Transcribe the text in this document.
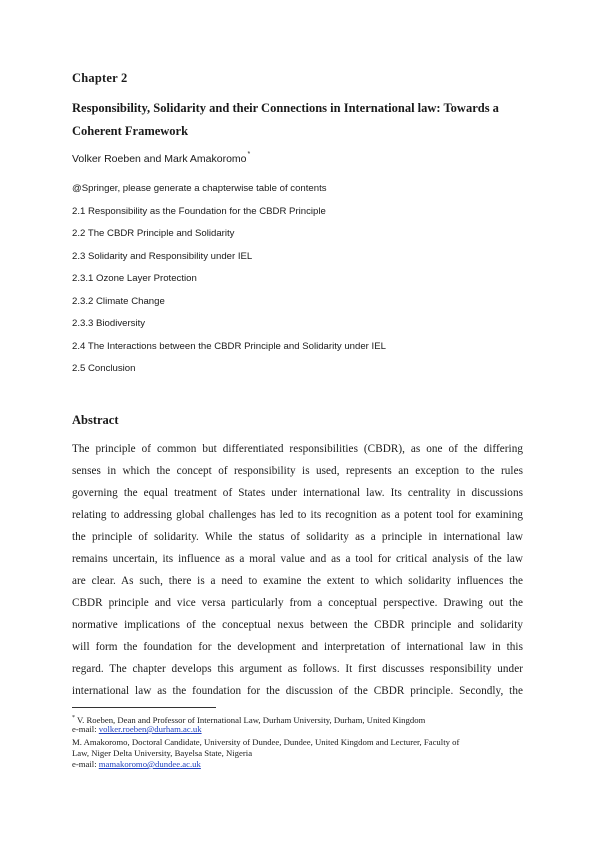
Chapter 2
Responsibility, Solidarity and their Connections in International law: Towards a
Coherent Framework
Volker Roeben and Mark Amakoromo*
@Springer, please generate a chapterwise table of contents
2.1 Responsibility as the Foundation for the CBDR Principle
2.2 The CBDR Principle and Solidarity
2.3 Solidarity and Responsibility under IEL
2.3.1 Ozone Layer Protection
2.3.2 Climate Change
2.3.3 Biodiversity
2.4 The Interactions between the CBDR Principle and Solidarity under IEL
2.5 Conclusion
Abstract
The principle of common but differentiated responsibilities (CBDR), as one of the differing
senses in which the concept of responsibility is used, represents an exception to the rules
governing the equal treatment of States under international law. Its centrality in discussions
relating to addressing global challenges has led to its recognition as a potent tool for examining
the principle of solidarity. While the status of solidarity as a principle in international law
remains uncertain, its influence as a moral value and as a tool for critical analysis of the law
are clear. As such, there is a need to examine the extent to which solidarity influences the
CBDR principle and vice versa particularly from a conceptual perspective. Drawing out the
normative implications of the conceptual nexus between the CBDR principle and solidarity
will form the foundation for the development and interpretation of international law in this
regard. The chapter develops this argument as follows. It first discusses responsibility under
international law as the foundation for the discussion of the CBDR principle. Secondly, the
* V. Roeben, Dean and Professor of International Law, Durham University, Durham, United Kingdom
e-mail: volker.roeben@durham.ac.uk
M. Amakoromo, Doctoral Candidate, University of Dundee, Dundee, United Kingdom and Lecturer, Faculty of
Law, Niger Delta University, Bayelsa State, Nigeria
e-mail: mamakoromo@dundee.ac.uk
